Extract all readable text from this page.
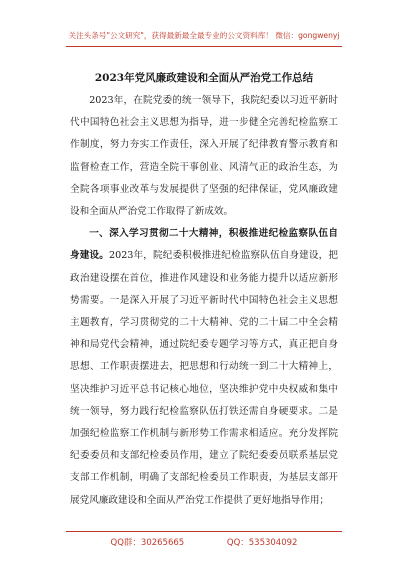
关注头条号"公文研究"，获得最新最全最专业的公文资料库！ 微信：gongwenyj
2023年党风廉政建设和全面从严治党工作总结

2023年，在院党委的统一领导下，我院纪委以习近平新时代中国特色社会主义思想为指导，进一步健全完善纪检监察工作制度，努力夯实工作责任，深入开展了纪律教育警示教育和监督检查工作，营造全院干事创业、风清气正的政治生态，为全院各项事业改革与发展提供了坚强的纪律保证，党风廉政建设和全面从严治党工作取得了新成效。

一、深入学习贯彻二十大精神，积极推进纪检监察队伍自身建设。2023年，院纪委积极推进纪检监察队伍自身建设，把政治建设摆在首位，推进作风建设和业务能力提升以适应新形势需要。一是深入开展了习近平新时代中国特色社会主义思想主题教育，学习贯彻党的二十大精神、党的二十届二中全会精神和局党代会精神，通过院纪委专题学习等方式，真正把自身思想、工作职责摆进去，把思想和行动统一到二十大精神上，坚决维护习近平总书记核心地位，坚决维护党中央权威和集中统一领导，努力践行纪检监察队伍打铁还需自身硬要求。二是加强纪检监察工作机制与新形势工作需求相适应。充分发挥院纪委委员和支部纪检委员作用，建立了院纪委委员联系基层党支部工作机制，明确了支部纪检委员工作职责，为基层支部开展党风廉政建设和全面从严治党工作提供了更好地指导作用；

QQ群：30265665	QQ：535304092
